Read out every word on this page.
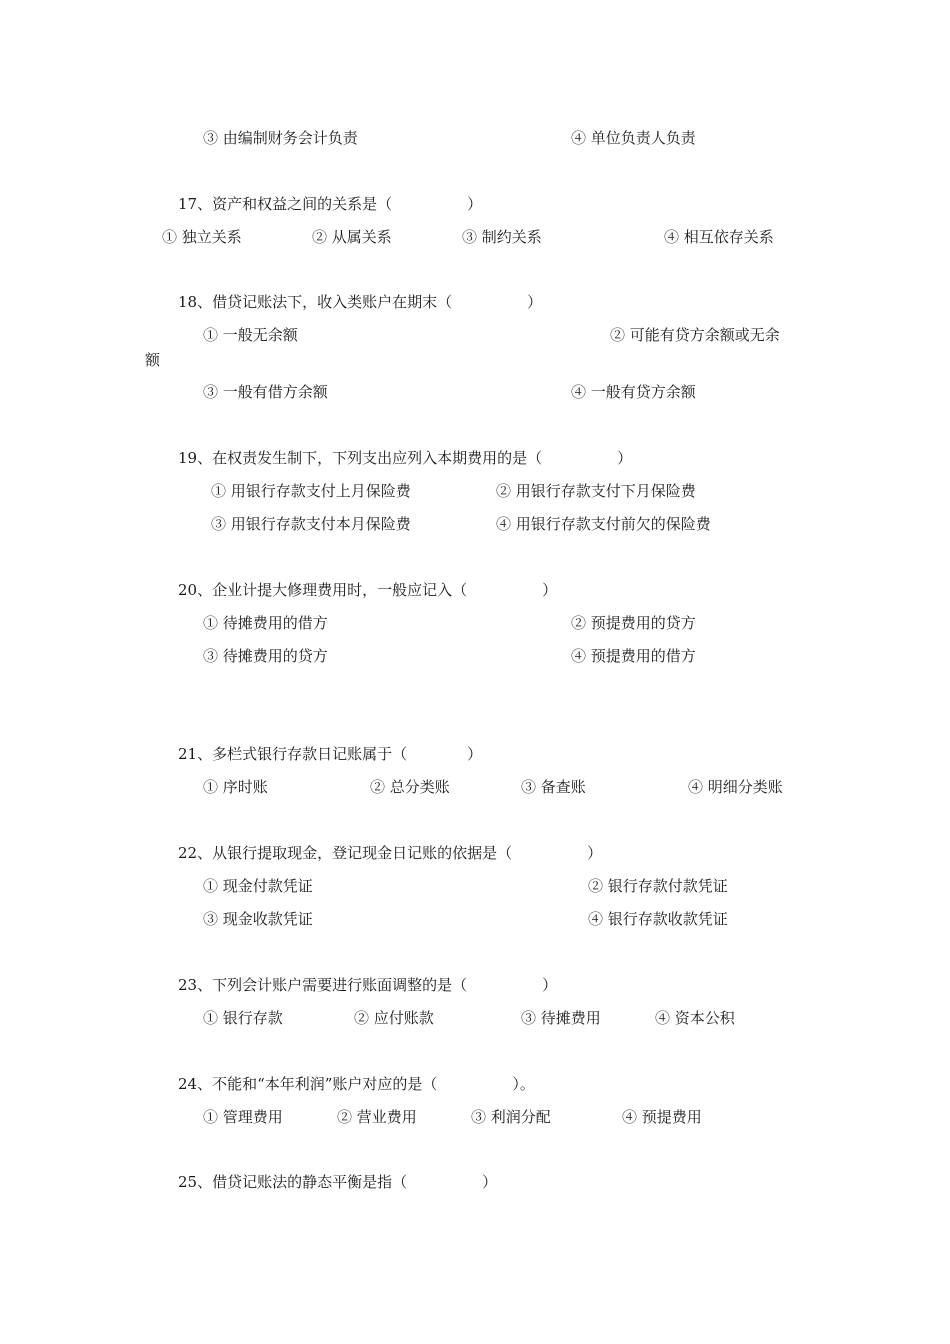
③ 由编制财务会计负责	④ 单位负责人负责
17、资产和权益之间的关系是（　　　　　）
① 独立关系	② 从属关系	③ 制约关系	④ 相互依存关系
18、借贷记账法下，收入类账户在期末（　　　　　）
① 一般无余额	② 可能有贷方余额或无余
额
③ 一般有借方余额	④ 一般有贷方余额
19、在权责发生制下，下列支出应列入本期费用的是（　　　　　）
① 用银行存款支付上月保险费	② 用银行存款支付下月保险费
③ 用银行存款支付本月保险费	④ 用银行存款支付前欠的保险费
20、企业计提大修理费用时，一般应记入（　　　　　）
① 待摊费用的借方	② 预提费用的贷方
③ 待摊费用的贷方	④ 预提费用的借方
21、多栏式银行存款日记账属于（　　　　）
① 序时账	② 总分类账	③ 备查账	④ 明细分类账
22、从银行提取现金，登记现金日记账的依据是（　　　　　）
① 现金付款凭证	② 银行存款付款凭证
③ 现金收款凭证	④ 银行存款收款凭证
23、下列会计账户需要进行账面调整的是（　　　　　）
① 银行存款	② 应付账款	③ 待摊费用	④ 资本公积
24、不能和“本年利润”账户对应的是（　　　　　）。
① 管理费用	② 营业费用	③ 利润分配	④ 预提费用
25、借贷记账法的静态平衡是指（　　　　　）
